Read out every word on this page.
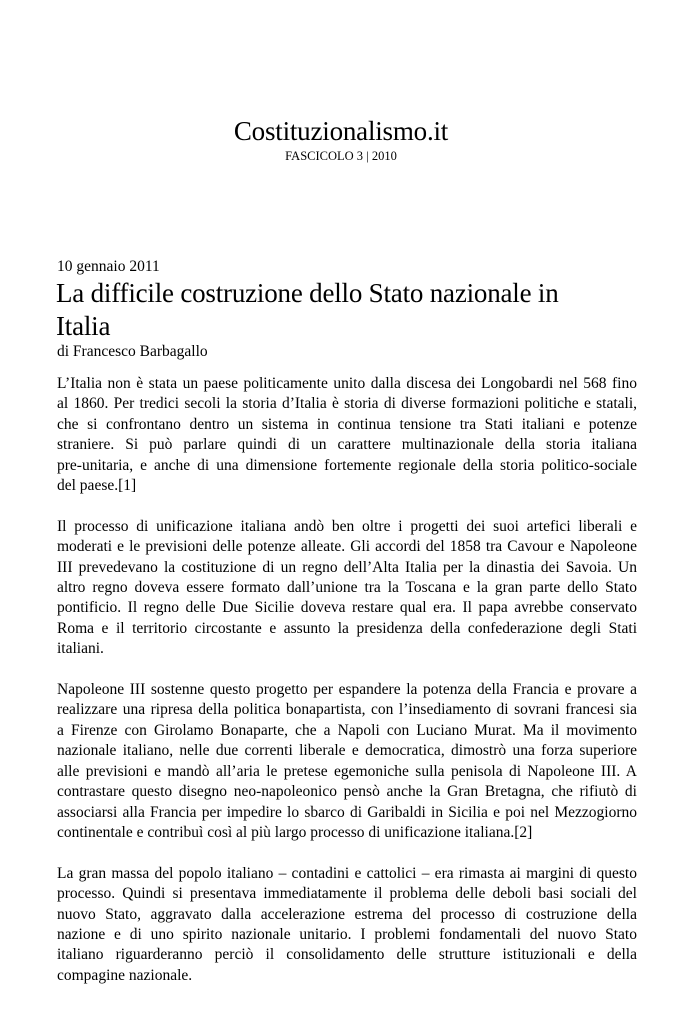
Costituzionalismo.it
FASCICOLO 3 | 2010
10 gennaio 2011
La difficile costruzione dello Stato nazionale in
Italia
di Francesco Barbagallo

L’Italia non è stata un paese politicamente unito dalla discesa dei Longobardi nel 568 fino
al 1860. Per tredici secoli la storia d’Italia è storia di diverse formazioni politiche e statali,
che si confrontano dentro un sistema in continua tensione tra Stati italiani e potenze
straniere. Si può parlare quindi di un carattere multinazionale della storia italiana
pre-unitaria, e anche di una dimensione fortemente regionale della storia politico-sociale
del paese.[1]

Il processo di unificazione italiana andò ben oltre i progetti dei suoi artefici liberali e
moderati e le previsioni delle potenze alleate. Gli accordi del 1858 tra Cavour e Napoleone
III prevedevano la costituzione di un regno dell’Alta Italia per la dinastia dei Savoia. Un
altro regno doveva essere formato dall’unione tra la Toscana e la gran parte dello Stato
pontificio. Il regno delle Due Sicilie doveva restare qual era. Il papa avrebbe conservato
Roma e il territorio circostante e assunto la presidenza della confederazione degli Stati
italiani.

Napoleone III sostenne questo progetto per espandere la potenza della Francia e provare a
realizzare una ripresa della politica bonapartista, con l’insediamento di sovrani francesi sia
a Firenze con Girolamo Bonaparte, che a Napoli con Luciano Murat. Ma il movimento
nazionale italiano, nelle due correnti liberale e democratica, dimostrò una forza superiore
alle previsioni e mandò all’aria le pretese egemoniche sulla penisola di Napoleone III. A
contrastare questo disegno neo-napoleonico pensò anche la Gran Bretagna, che rifiutò di
associarsi alla Francia per impedire lo sbarco di Garibaldi in Sicilia e poi nel Mezzogiorno
continentale e contribuì così al più largo processo di unificazione italiana.[2]

La gran massa del popolo italiano – contadini e cattolici – era rimasta ai margini di questo
processo. Quindi si presentava immediatamente il problema delle deboli basi sociali del
nuovo Stato, aggravato dalla accelerazione estrema del processo di costruzione della
nazione e di uno spirito nazionale unitario. I problemi fondamentali del nuovo Stato
italiano riguarderanno perciò il consolidamento delle strutture istituzionali e della
compagine nazionale.
